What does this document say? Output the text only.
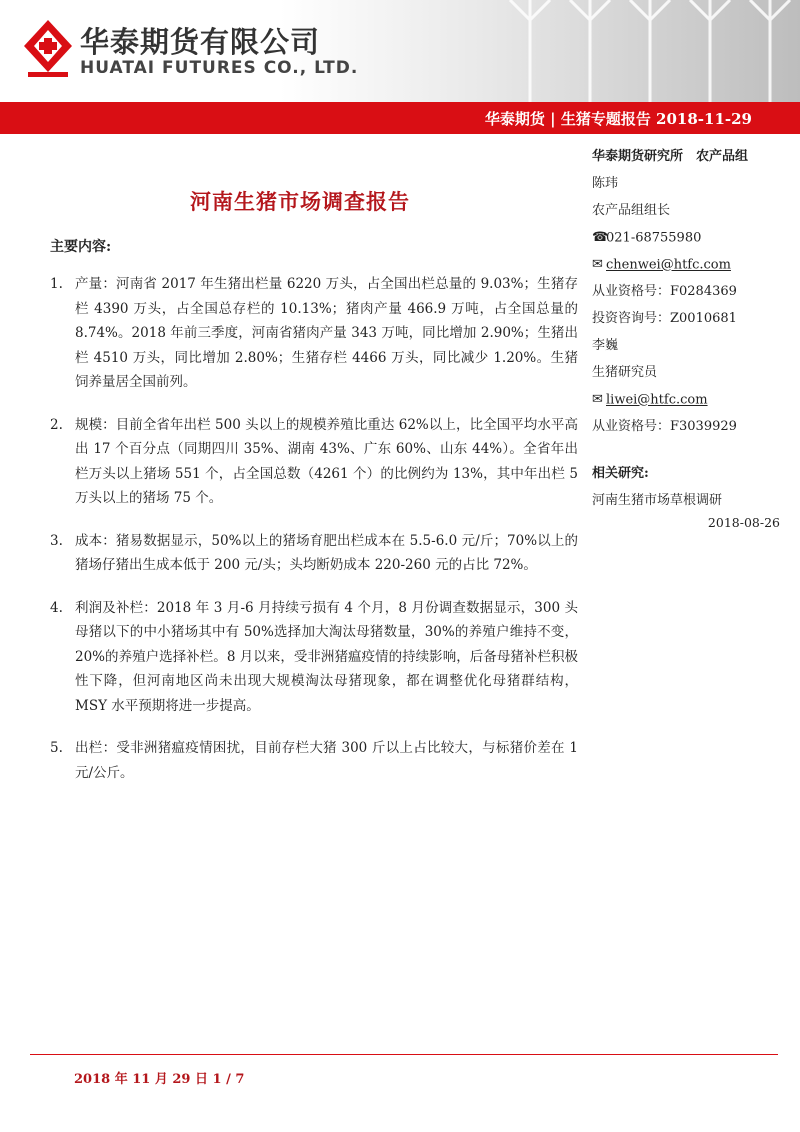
华泰期货有限公司
HUATAI FUTURES CO., LTD.
华泰期货 | 生猪专题报告 2018-11-29
河南生猪市场调查报告
主要内容:
1. 产量：河南省 2017 年生猪出栏量 6220 万头，占全国出栏总量的 9.03%；生猪存栏 4390 万头，占全国总存栏的 10.13%；猪肉产量 466.9 万吨，占全国总量的 8.74%。2018 年前三季度，河南省猪肉产量 343 万吨，同比增加 2.90%；生猪出栏 4510 万头，同比增加 2.80%；生猪存栏 4466 万头，同比减少 1.20%。生猪饲养量居全国前列。
2. 规模：目前全省年出栏 500 头以上的规模养殖比重达 62%以上，比全国平均水平高出 17 个百分点（同期四川 35%、湖南 43%、广东 60%、山东 44%）。全省年出栏万头以上猪场 551 个，占全国总数（4261 个）的比例约为 13%，其中年出栏 5 万头以上的猪场 75 个。
3. 成本：猪易数据显示，50%以上的猪场育肥出栏成本在 5.5-6.0 元/斤；70%以上的猪场仔猪出生成本低于 200 元/头；头均断奶成本 220-260 元的占比 72%。
4. 利润及补栏：2018 年 3 月-6 月持续亏损有 4 个月，8 月份调查数据显示，300 头母猪以下的中小猪场其中有 50%选择加大淘汰母猪数量，30%的养殖户维持不变，20%的养殖户选择补栏。8 月以来，受非洲猪瘟疫情的持续影响，后备母猪补栏积极性下降，但河南地区尚未出现大规模淘汰母猪现象，都在调整优化母猪群结构，MSY 水平预期将进一步提高。
5. 出栏：受非洲猪瘟疫情困扰，目前存栏大猪 300 斤以上占比较大，与标猪价差在 1 元/公斤。
华泰期货研究所　农产品组
陈玮
农产品组组长
☎021-68755980
✉ chenwei@htfc.com
从业资格号：F0284369
投资咨询号：Z0010681
李巍
生猪研究员
✉ liwei@htfc.com
从业资格号：F3039929
相关研究:
河南生猪市场草根调研
2018-08-26
2018 年 11 月 29 日 1 / 7
